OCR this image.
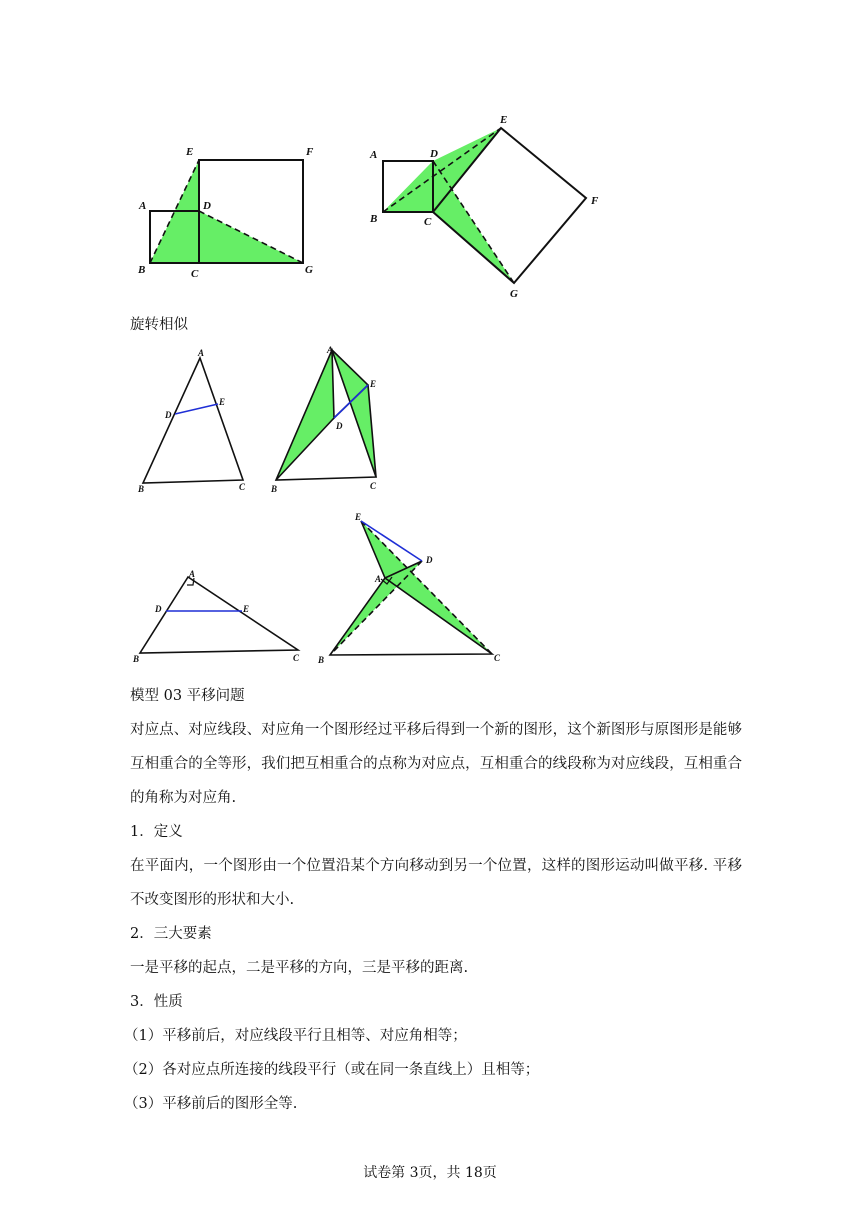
E	F
A	D
B	C	G
E
A	D
F
B	C
G
旋转相似
A
D
E
B	C
A
E
D
B	C
A
D	E
B	C
E
D
A
B	C
模型 03 平移问题

对应点、对应线段、对应角一个图形经过平移后得到一个新的图形，这个新图形与原图形是能够互相重合的全等形，我们把互相重合的点称为对应点，互相重合的线段称为对应线段，互相重合的角称为对应角.

1．定义

在平面内，一个图形由一个位置沿某个方向移动到另一个位置，这样的图形运动叫做平移. 平移不改变图形的形状和大小.

2．三大要素

一是平移的起点，二是平移的方向，三是平移的距离.

3．性质
（1）平移前后，对应线段平行且相等、对应角相等；
（2）各对应点所连接的线段平行（或在同一条直线上）且相等；
（3）平移前后的图形全等.
试卷第 3页，共 18页
